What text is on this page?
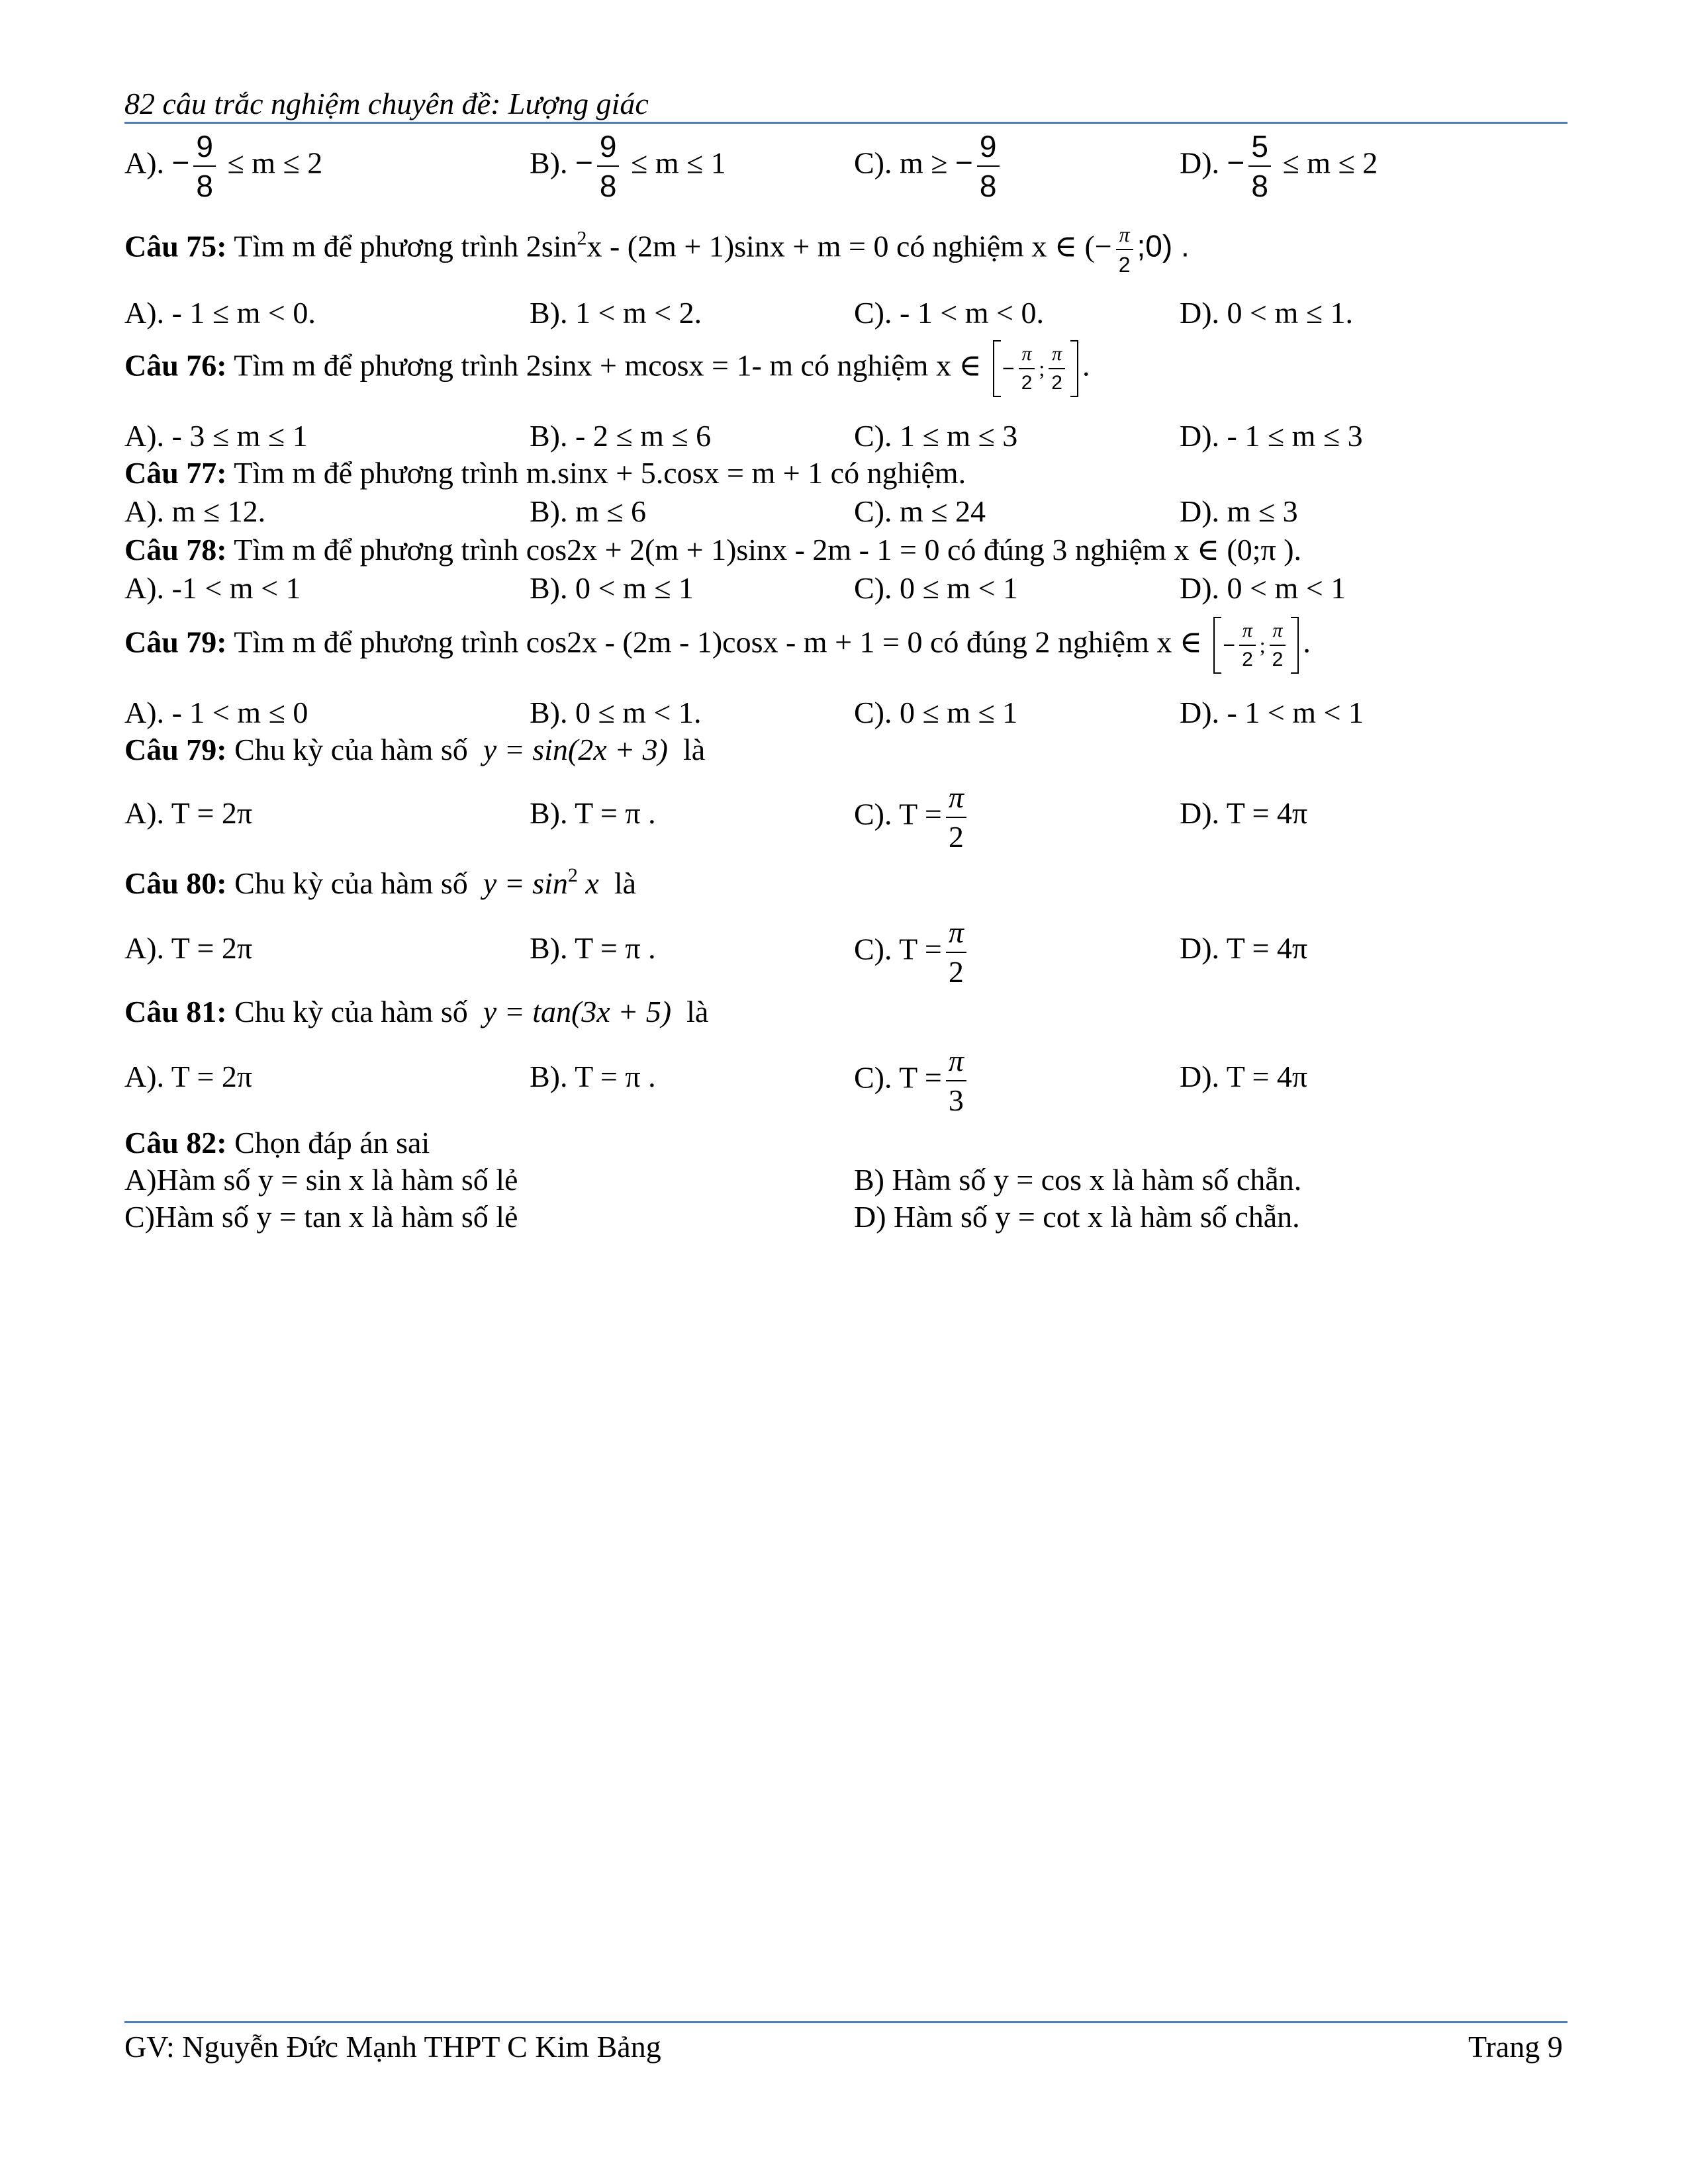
82 câu trắc nghiệm chuyên đề: Lượng giác
A). − $\frac{9}{8} \le m \le 2$	B). − $\frac{9}{8} \le m \le 1$	C). m ≥ − $\frac{9}{8}$	D). − $\frac{5}{8} \le m \le 2$
Câu 75: Tìm m để phương trình $2\sin^2x - (2m + 1)\sin x + m = 0$ có nghiệm x ∈ (− $\frac{\pi}{2}$ ;0) .
A). - 1 ≤ m < 0.	B). 1 < m < 2.	C). - 1 < m < 0.	D). 0 < m ≤ 1.
Câu 76: Tìm m để phương trình 2sinx + mcosx = 1- m có nghiệm x ∈ − $\frac{\pi}{2}$ ; $\frac{\pi}{2}$ .
A). - 3 ≤ m ≤ 1	B). - 2 ≤ m ≤ 6	C). 1 ≤ m ≤ 3	D). - 1 ≤ m ≤ 3
Câu 77: Tìm m để phương trình m.sinx + 5.cosx = m + 1 có nghiệm.
A). m ≤ 12.	B). m ≤ 6	C). m ≤ 24	D). m ≤ 3
Câu 78: Tìm m để phương trình cos2x + 2(m + 1)sinx - 2m - 1 = 0 có đúng 3 nghiệm x ∈ (0;π ).
A). -1 < m < 1	B). 0 < m ≤ 1	C). 0 ≤ m < 1	D). 0 < m < 1
Câu 79: Tìm m để phương trình cos2x - (2m - 1)cosx - m + 1 = 0 có đúng 2 nghiệm x ∈ − $\frac{\pi}{2}$ ; $\frac{\pi}{2}$ .
A). - 1 < m ≤ 0	B). 0 ≤ m < 1.	C). 0 ≤ m ≤ 1	D). - 1 < m < 1
Câu 79: Chu kỳ của hàm số y = sin(2x + 3) là
A). T = 2π	B). T = π .	C). $T = \frac{\pi}{2}$	D). T = 4π
Câu 80: Chu kỳ của hàm số $y = \sin^2 x$ là
A). T = 2π	B). T = π .	C). $T = \frac{\pi}{2}$	D). T = 4π
Câu 81: Chu kỳ của hàm số y = tan(3x + 5) là
A). T = 2π	B). T = π .	C). $T = \frac{\pi}{3}$	D). T = 4π
Câu 82: Chọn đáp án sai
A)Hàm số y = sin x là hàm số lẻ	B) Hàm số y = cos x là hàm số chẵn.
C)Hàm số y = tan x là hàm số lẻ	D) Hàm số y = cot x là hàm số chẵn.
GV: Nguyễn Đức Mạnh THPT C Kim Bảng	Trang 9
